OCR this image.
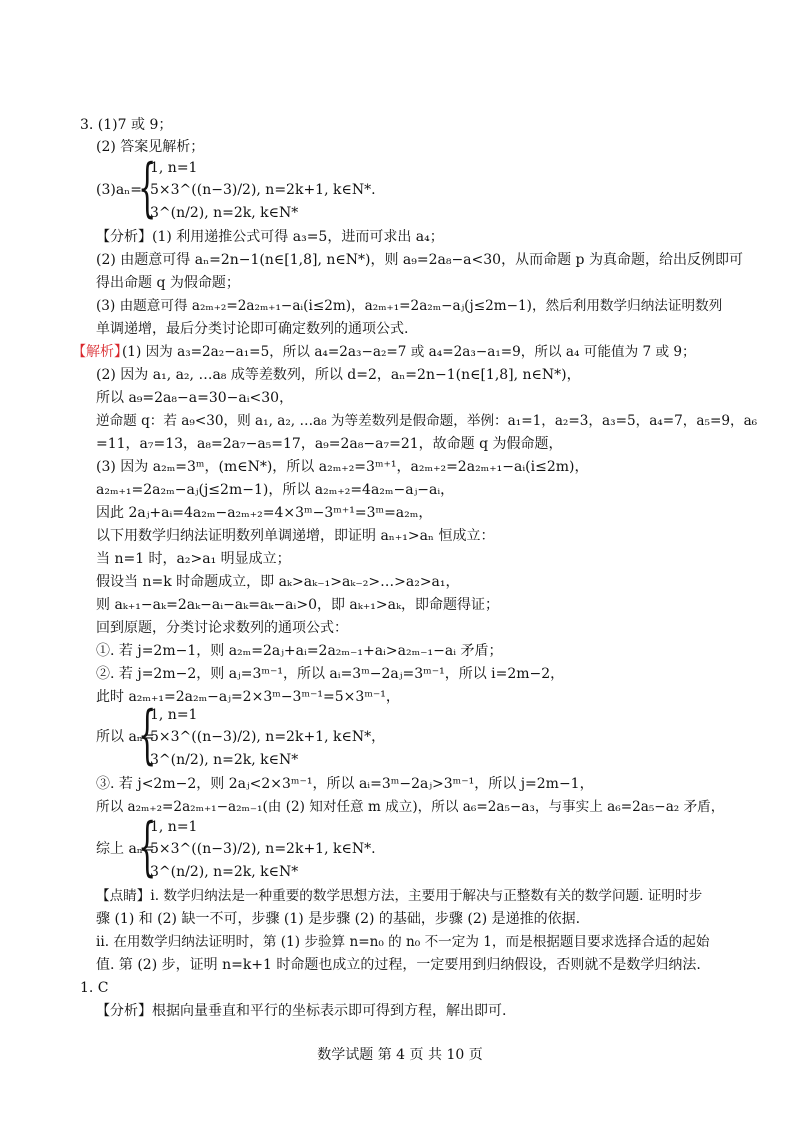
3. (1)7 或 9；
(2) 答案见解析；
1, n=1
(3)aₙ=
{
5×3^((n−3)/2), n=2k+1, k∈N*.
3^(n/2), n=2k, k∈N*
【分析】(1) 利用递推公式可得 a₃=5，进而可求出 a₄；
(2) 由题意可得 aₙ=2n−1(n∈[1,8], n∈N*)，则 a₉=2a₈−a<30，从而命题 p 为真命题，给出反例即可
得出命题 q 为假命题；
(3) 由题意可得 a₂ₘ₊₂=2a₂ₘ₊₁−aᵢ(i≤2m)，a₂ₘ₊₁=2a₂ₘ−aⱼ(j≤2m−1)，然后利用数学归纳法证明数列
单调递增，最后分类讨论即可确定数列的通项公式.
【解析】
(1) 因为 a₃=2a₂−a₁=5，所以 a₄=2a₃−a₂=7 或 a₄=2a₃−a₁=9，所以 a₄ 可能值为 7 或 9；
(2) 因为 a₁, a₂, …a₈ 成等差数列，所以 d=2，aₙ=2n−1(n∈[1,8], n∈N*)，
所以 a₉=2a₈−a=30−aᵢ<30，
逆命题 q：若 a₉<30，则 a₁, a₂, …a₈ 为等差数列是假命题，举例：a₁=1，a₂=3，a₃=5，a₄=7，a₅=9，a₆
=11，a₇=13，a₈=2a₇−a₅=17，a₉=2a₈−a₇=21，故命题 q 为假命题，
(3) 因为 a₂ₘ=3ᵐ，(m∈N*)，所以 a₂ₘ₊₂=3ᵐ⁺¹，a₂ₘ₊₂=2a₂ₘ₊₁−aᵢ(i≤2m)，
a₂ₘ₊₁=2a₂ₘ−aⱼ(j≤2m−1)，所以 a₂ₘ₊₂=4a₂ₘ−aⱼ−aᵢ，
因此 2aⱼ+aᵢ=4a₂ₘ−a₂ₘ₊₂=4×3ᵐ−3ᵐ⁺¹=3ᵐ=a₂ₘ，
以下用数学归纳法证明数列单调递增，即证明 aₙ₊₁>aₙ 恒成立：
当 n=1 时，a₂>a₁ 明显成立；
假设当 n=k 时命题成立，即 aₖ>aₖ₋₁>aₖ₋₂>…>a₂>a₁，
则 aₖ₊₁−aₖ=2aₖ−aᵢ−aₖ=aₖ−aᵢ>0，即 aₖ₊₁>aₖ，即命题得证；
回到原题，分类讨论求数列的通项公式：
①. 若 j=2m−1，则 a₂ₘ=2aⱼ+aᵢ=2a₂ₘ₋₁+aᵢ>a₂ₘ₋₁−aᵢ 矛盾；
②. 若 j=2m−2，则 aⱼ=3ᵐ⁻¹，所以 aᵢ=3ᵐ−2aⱼ=3ᵐ⁻¹，所以 i=2m−2，
此时 a₂ₘ₊₁=2a₂ₘ−aⱼ=2×3ᵐ−3ᵐ⁻¹=5×3ᵐ⁻¹，
1, n=1
所以 aₙ=
{
5×3^((n−3)/2), n=2k+1, k∈N*，
3^(n/2), n=2k, k∈N*
③. 若 j<2m−2，则 2aⱼ<2×3ᵐ⁻¹，所以 aᵢ=3ᵐ−2aⱼ>3ᵐ⁻¹，所以 j=2m−1，
所以 a₂ₘ₊₂=2a₂ₘ₊₁−a₂ₘ₋₁(由 (2) 知对任意 m 成立)，所以 a₆=2a₅−a₃，与事实上 a₆=2a₅−a₂ 矛盾，
1, n=1
综上 aₙ=
{
5×3^((n−3)/2), n=2k+1, k∈N*.
3^(n/2), n=2k, k∈N*
【点睛】i. 数学归纳法是一种重要的数学思想方法，主要用于解决与正整数有关的数学问题. 证明时步
骤 (1) 和 (2) 缺一不可，步骤 (1) 是步骤 (2) 的基础，步骤 (2) 是递推的依据.
ii. 在用数学归纳法证明时，第 (1) 步验算 n=n₀ 的 n₀ 不一定为 1，而是根据题目要求选择合适的起始
值. 第 (2) 步，证明 n=k+1 时命题也成立的过程，一定要用到归纳假设，否则就不是数学归纳法.
1. C
【分析】根据向量垂直和平行的坐标表示即可得到方程，解出即可.
数学试题 第 4 页 共 10 页
